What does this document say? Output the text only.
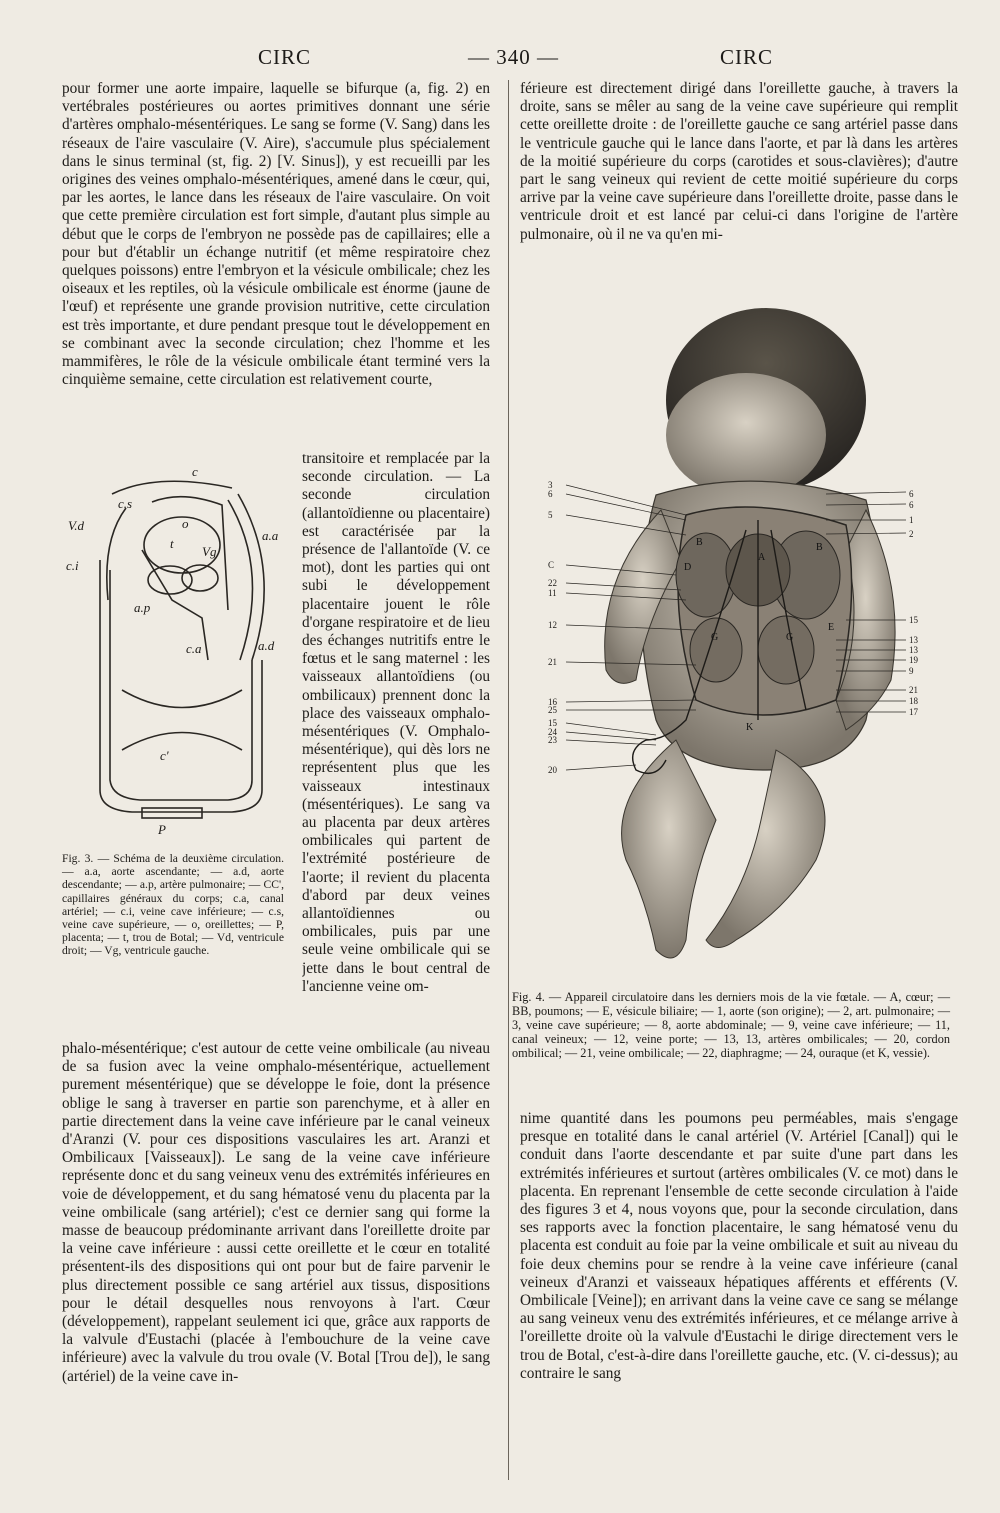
CIRC	— 340 —	CIRC

pour former une aorte impaire, laquelle se bifurque (a, fig. 2) en vertébrales postérieures ou aortes primitives donnant une série d'artères omphalo-mésentériques. Le sang se forme (V. Sang) dans les réseaux de l'aire vasculaire (V. Aire), s'accumule plus spécialement dans le sinus terminal (st, fig. 2) [V. Sinus]), y est recueilli par les origines des veines omphalo-mésentériques, amené dans le cœur, qui, par les aortes, le lance dans les réseaux de l'aire vasculaire. On voit que cette première circulation est fort simple, d'autant plus simple au début que le corps de l'embryon ne possède pas de capillaires; elle a pour but d'établir un échange nutritif (et même respiratoire chez quelques poissons) entre l'embryon et la vésicule ombilicale; chez les oiseaux et les reptiles, où la vésicule ombilicale est énorme (jaune de l'œuf) et représente une grande provision nutritive, cette circulation est très importante, et dure pendant presque tout le développement en se combinant avec la seconde circulation; chez l'homme et les mammifères, le rôle de la vésicule ombilicale étant terminé vers la cinquième semaine, cette circulation est relativement courte,

c
c.s
V.d	o
t
Vg
a.a
c.i
a.p
c.a	a.d
c'
P
Fig. 3. — Schéma de la deuxième circulation. — a.a, aorte ascendante; — a.d, aorte descendante; — a.p, artère pulmonaire; — CC', capillaires généraux du corps; c.a, canal artériel; — c.i, veine cave inférieure; — c.s, veine cave supérieure, — o, oreillettes; — P, placenta; — t, trou de Botal; — Vd, ventricule droit; — Vg, ventricule gauche.

transitoire et remplacée par la seconde circulation. — La seconde circulation (allantoïdienne ou placentaire) est caractérisée par la présence de l'allantoïde (V. ce mot), dont les parties qui ont subi le développement placentaire jouent le rôle d'organe respiratoire et de lieu des échanges nutritifs entre le fœtus et le sang maternel : les vaisseaux allantoïdiens (ou ombilicaux) prennent donc la place des vaisseaux omphalo-mésentériques (V. Omphalo-mésentérique), qui dès lors ne représentent plus que les vaisseaux intestinaux (mésentériques). Le sang va au placenta par deux artères ombilicales qui partent de l'extrémité postérieure de l'aorte; il revient du placenta d'abord par deux veines allantoïdiennes ou ombilicales, puis par une seule veine ombilicale qui se jette dans le bout central de l'ancienne veine om-

phalo-mésentérique; c'est autour de cette veine ombilicale (au niveau de sa fusion avec la veine omphalo-mésentérique, actuellement purement mésentérique) que se développe le foie, dont la présence oblige le sang à traverser en partie son parenchyme, et à aller en partie directement dans la veine cave inférieure par le canal veineux d'Aranzi (V. pour ces dispositions vasculaires les art. Aranzi et Ombilicaux [Vaisseaux]). Le sang de la veine cave inférieure représente donc et du sang veineux venu des extrémités inférieures en voie de développement, et du sang hématosé venu du placenta par la veine ombilicale (sang artériel); c'est ce dernier sang qui forme la masse de beaucoup prédominante arrivant dans l'oreillette droite par la veine cave inférieure : aussi cette oreillette et le cœur en totalité présentent-ils des dispositions qui ont pour but de faire parvenir le plus directement possible ce sang artériel aux tissus, dispositions pour le détail desquelles nous renvoyons à l'art. Cœur (développement), rappelant seulement ici que, grâce aux rapports de la valvule d'Eustachi (placée à l'embouchure de la veine cave inférieure) avec la valvule du trou ovale (V. Botal [Trou de]), le sang (artériel) de la veine cave in-

férieure est directement dirigé dans l'oreillette gauche, à travers la droite, sans se mêler au sang de la veine cave supérieure qui remplit cette oreillette droite : de l'oreillette gauche ce sang artériel passe dans le ventricule gauche qui le lance dans l'aorte, et par là dans les artères de la moitié supérieure du corps (carotides et sous-clavières); d'autre part le sang veineux qui revient de cette moitié supérieure du corps arrive par la veine cave supérieure dans l'oreillette droite, passe dans le ventricule droit et est lancé par celui-ci dans l'origine de l'artère pulmonaire, où il ne va qu'en mi-

3
6
5
C
22
11
12
21
16
25
15
24
23
20
6
6
1
2
15
13
13
19
9
21
18
17
B
A
B
D
E
G	G
K
Fig. 4. — Appareil circulatoire dans les derniers mois de la vie fœtale. — A, cœur; — BB, poumons; — E, vésicule biliaire; — 1, aorte (son origine); — 2, art. pulmonaire; — 3, veine cave supérieure; — 8, aorte abdominale; — 9, veine cave inférieure; — 11, canal veineux; — 12, veine porte; — 13, 13, artères ombilicales; — 20, cordon ombilical; — 21, veine ombilicale; — 22, diaphragme; — 24, ouraque (et K, vessie).

nime quantité dans les poumons peu perméables, mais s'engage presque en totalité dans le canal artériel (V. Artériel [Canal]) qui le conduit dans l'aorte descendante et par suite d'une part dans les extrémités inférieures et surtout (artères ombilicales (V. ce mot) dans le placenta. En reprenant l'ensemble de cette seconde circulation à l'aide des figures 3 et 4, nous voyons que, pour la seconde circulation, dans ses rapports avec la fonction placentaire, le sang hématosé venu du placenta est conduit au foie par la veine ombilicale et suit au niveau du foie deux chemins pour se rendre à la veine cave inférieure (canal veineux d'Aranzi et vaisseaux hépatiques afférents et efférents (V. Ombilicale [Veine]); en arrivant dans la veine cave ce sang se mélange au sang veineux venu des extrémités inférieures, et ce mélange arrive à l'oreillette droite où la valvule d'Eustachi le dirige directement vers le trou de Botal, c'est-à-dire dans l'oreillette gauche, etc. (V. ci-dessus); au contraire le sang
